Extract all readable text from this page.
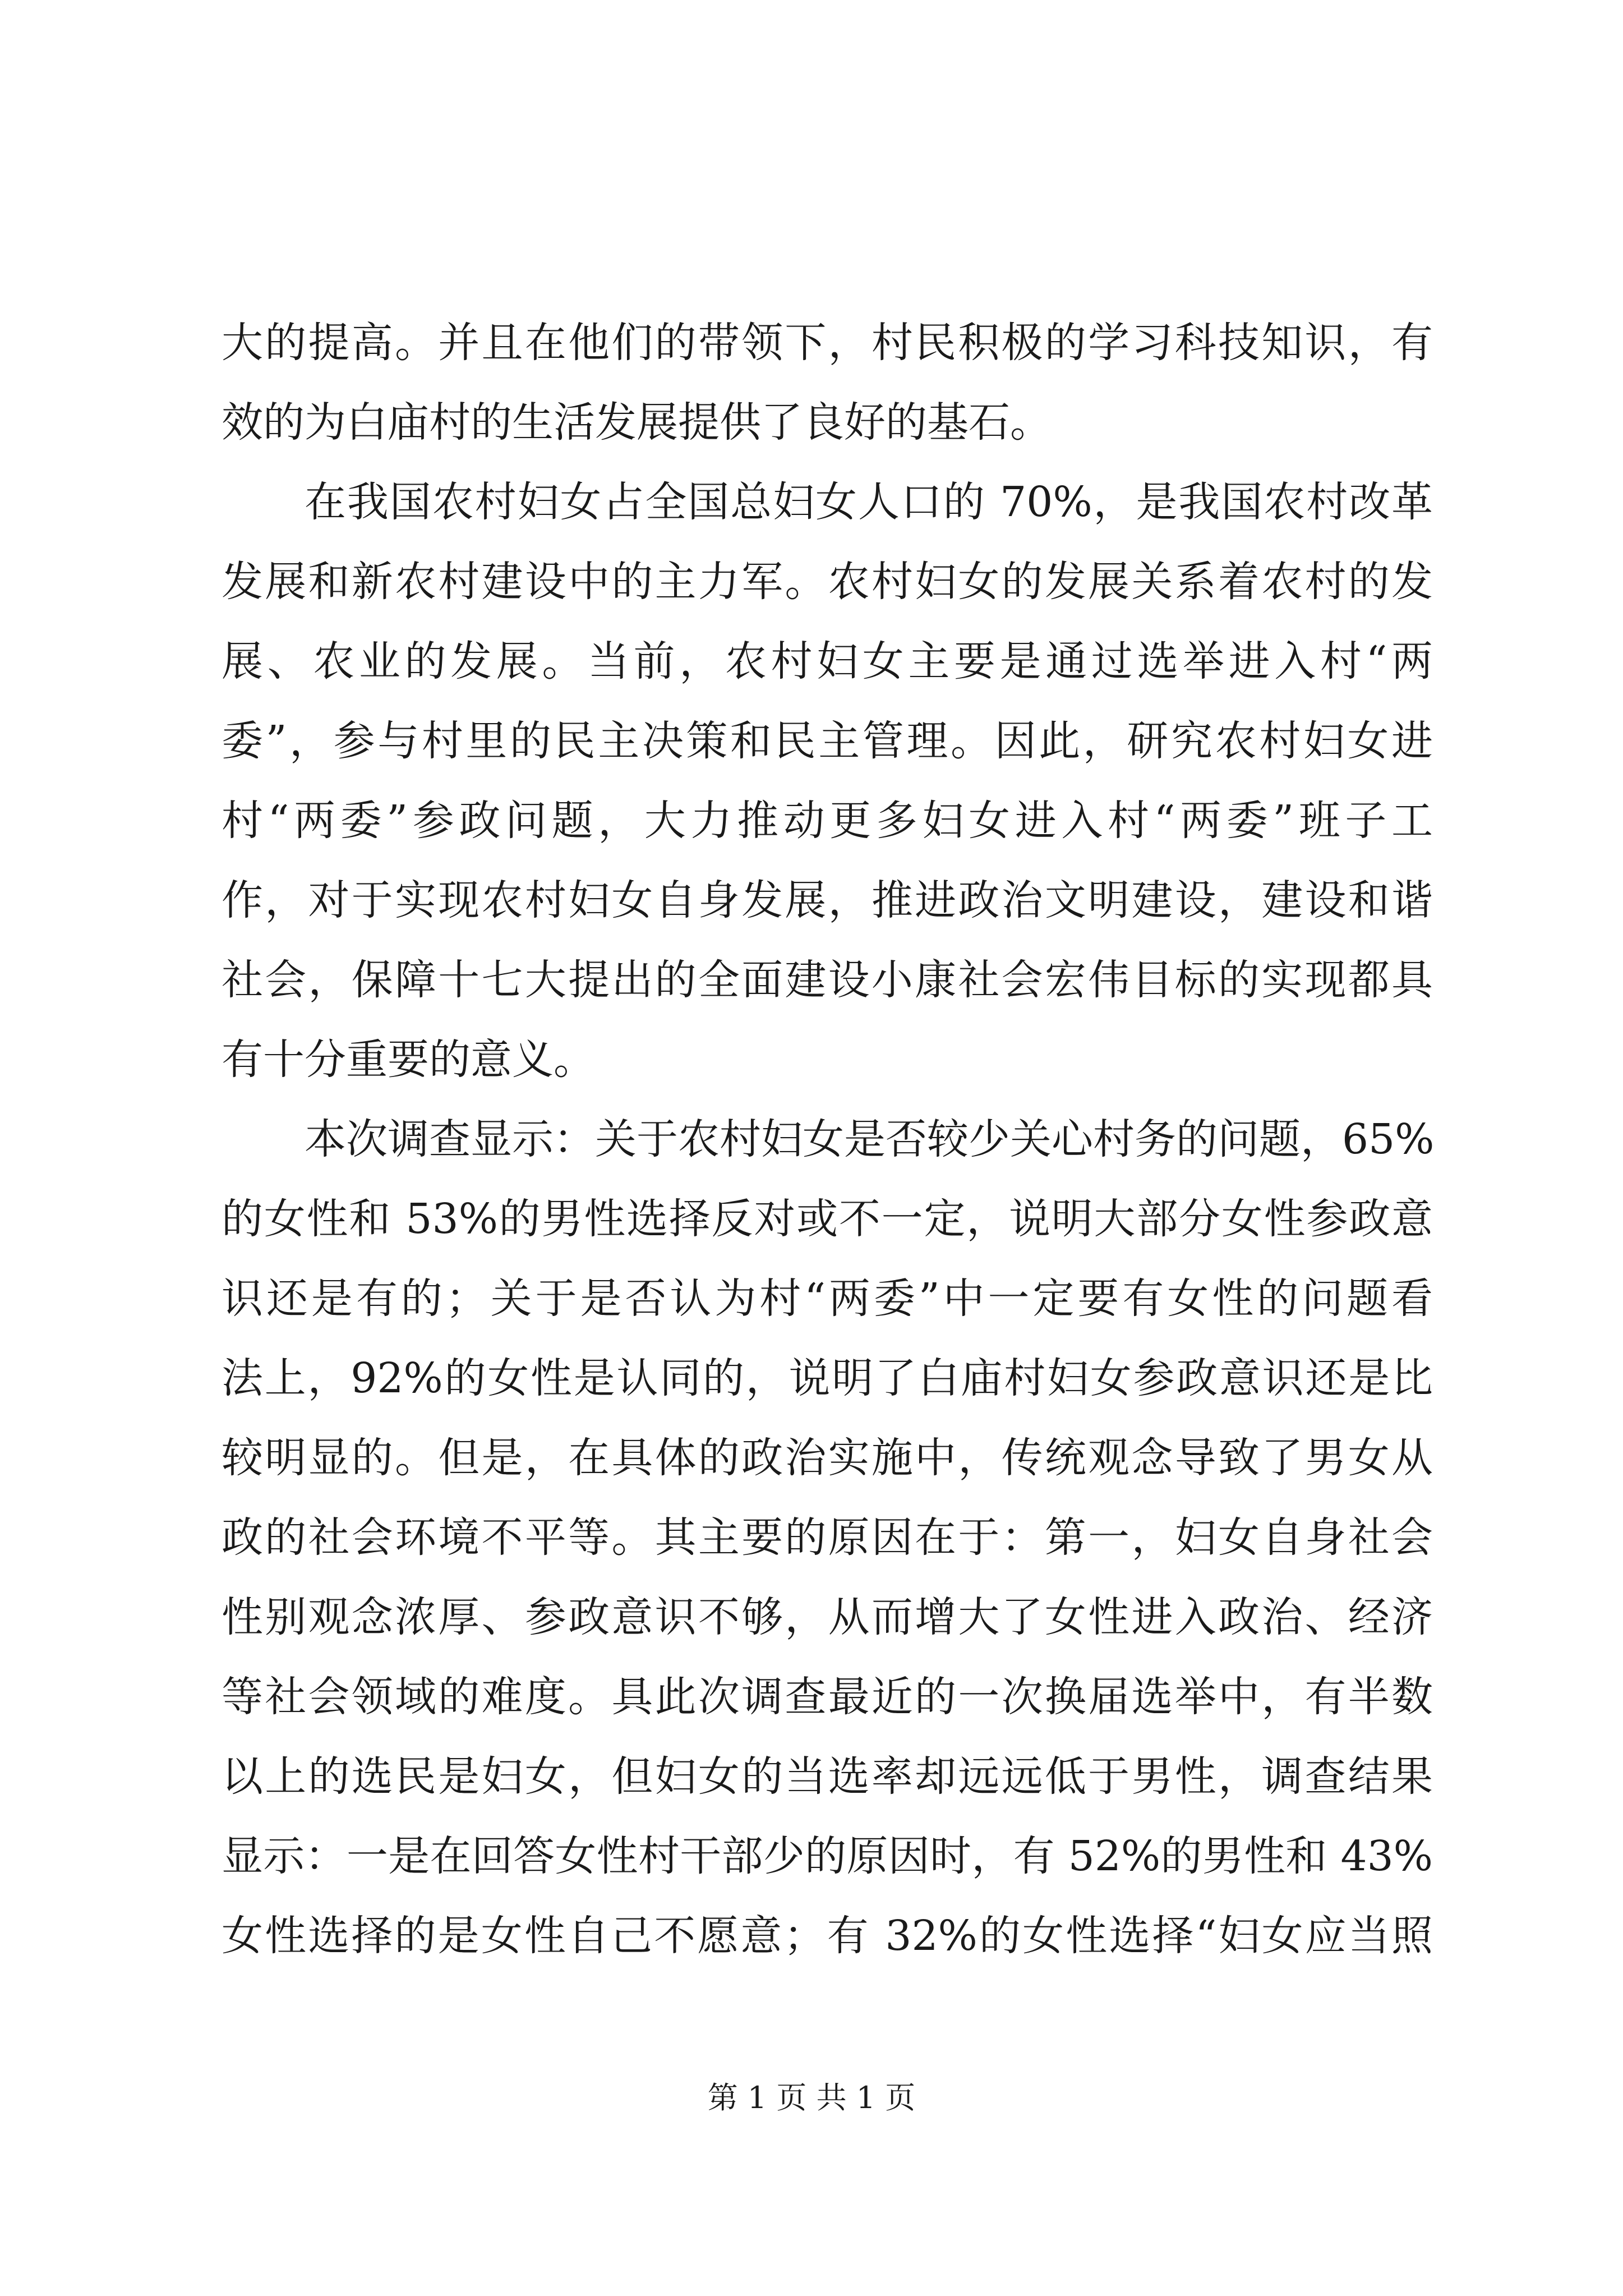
大的提高。并且在他们的带领下，村民积极的学习科技知识，有
效的为白庙村的生活发展提供了良好的基石。
在我国农村妇女占全国总妇女人口的 70%，是我国农村改革
发展和新农村建设中的主力军。农村妇女的发展关系着农村的发
展、农业的发展。当前，农村妇女主要是通过选举进入村“两
委”，参与村里的民主决策和民主管理。因此，研究农村妇女进
村“两委”参政问题，大力推动更多妇女进入村“两委”班子工
作，对于实现农村妇女自身发展，推进政治文明建设，建设和谐
社会，保障十七大提出的全面建设小康社会宏伟目标的实现都具
有十分重要的意义。
本次调查显示：关于农村妇女是否较少关心村务的问题，65%
的女性和 53%的男性选择反对或不一定，说明大部分女性参政意
识还是有的；关于是否认为村“两委”中一定要有女性的问题看
法上，92%的女性是认同的，说明了白庙村妇女参政意识还是比
较明显的。但是，在具体的政治实施中，传统观念导致了男女从
政的社会环境不平等。其主要的原因在于：第一，妇女自身社会
性别观念浓厚、参政意识不够，从而增大了女性进入政治、经济
等社会领域的难度。具此次调查最近的一次换届选举中，有半数
以上的选民是妇女，但妇女的当选率却远远低于男性，调查结果
显示：一是在回答女性村干部少的原因时，有 52%的男性和 43%
女性选择的是女性自己不愿意；有 32%的女性选择“妇女应当照
第 1 页 共 1 页
